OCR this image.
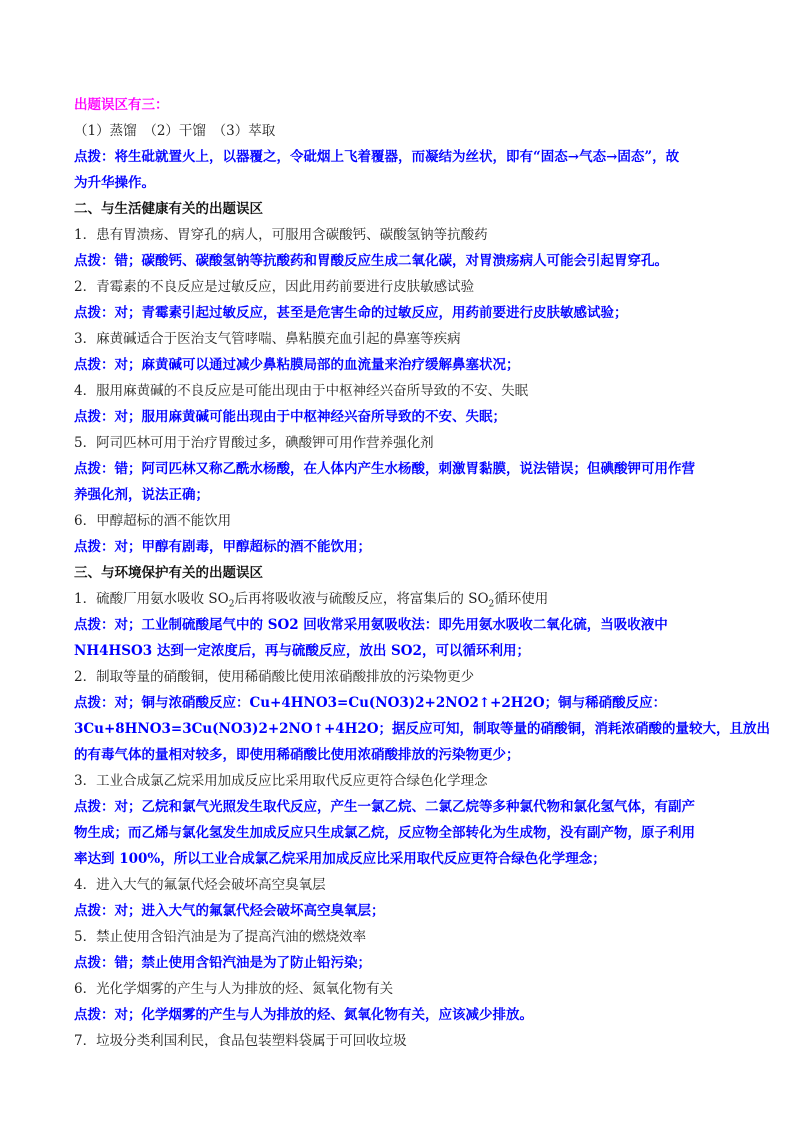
出题误区有三：
（1）蒸馏　（2）干馏　（3）萃取
点拨：将生砒就置火上，以器覆之，令砒烟上飞着覆器，而凝结为丝状，即有“固态→气态→固态”，故
为升华操作。
二、与生活健康有关的出题误区
1．患有胃溃疡、胃穿孔的病人，可服用含碳酸钙、碳酸氢钠等抗酸药
点拨：错；碳酸钙、碳酸氢钠等抗酸药和胃酸反应生成二氧化碳，对胃溃疡病人可能会引起胃穿孔。
2．青霉素的不良反应是过敏反应，因此用药前要进行皮肤敏感试验
点拨：对；青霉素引起过敏反应，甚至是危害生命的过敏反应，用药前要进行皮肤敏感试验；
3．麻黄碱适合于医治支气管哮喘、鼻粘膜充血引起的鼻塞等疾病
点拨：对；麻黄碱可以通过减少鼻粘膜局部的血流量来治疗缓解鼻塞状况；
4．服用麻黄碱的不良反应是可能出现由于中枢神经兴奋所导致的不安、失眠
点拨：对；服用麻黄碱可能出现由于中枢神经兴奋所导致的不安、失眠；
5．阿司匹林可用于治疗胃酸过多，碘酸钾可用作营养强化剂
点拨：错；阿司匹林又称乙酰水杨酸，在人体内产生水杨酸，刺激胃黏膜，说法错误；但碘酸钾可用作营
养强化剂，说法正确；
6．甲醇超标的酒不能饮用
点拨：对；甲醇有剧毒，甲醇超标的酒不能饮用；
三、与环境保护有关的出题误区
1．硫酸厂用氨水吸收 $SO_2$后再将吸收液与硫酸反应，将富集后的 $SO_2$循环使用
点拨：对；工业制硫酸尾气中的 SO2 回收常采用氨吸收法：即先用氨水吸收二氧化硫，当吸收液中
NH4HSO3 达到一定浓度后，再与硫酸反应，放出 SO2，可以循环利用；
2．制取等量的硝酸铜，使用稀硝酸比使用浓硝酸排放的污染物更少
点拨：对；铜与浓硝酸反应：Cu+4HNO3=Cu(NO3)2+2NO2↑+2H2O；铜与稀硝酸反应：
3Cu+8HNO3=3Cu(NO3)2+2NO↑+4H2O；据反应可知，制取等量的硝酸铜，消耗浓硝酸的量较大，且放出
的有毒气体的量相对较多，即使用稀硝酸比使用浓硝酸排放的污染物更少；
3．工业合成氯乙烷采用加成反应比采用取代反应更符合绿色化学理念
点拨：对；乙烷和氯气光照发生取代反应，产生一氯乙烷、二氯乙烷等多种氯代物和氯化氢气体，有副产
物生成；而乙烯与氯化氢发生加成反应只生成氯乙烷，反应物全部转化为生成物，没有副产物，原子利用
率达到 100%，所以工业合成氯乙烷采用加成反应比采用取代反应更符合绿色化学理念；
4．进入大气的氟氯代烃会破坏高空臭氧层
点拨：对；进入大气的氟氯代烃会破坏高空臭氧层；
5．禁止使用含铅汽油是为了提高汽油的燃烧效率
点拨：错；禁止使用含铅汽油是为了防止铅污染；
6．光化学烟雾的产生与人为排放的烃、氮氧化物有关
点拨：对；化学烟雾的产生与人为排放的烃、氮氧化物有关，应该减少排放。
7．垃圾分类利国利民，食品包装塑料袋属于可回收垃圾
